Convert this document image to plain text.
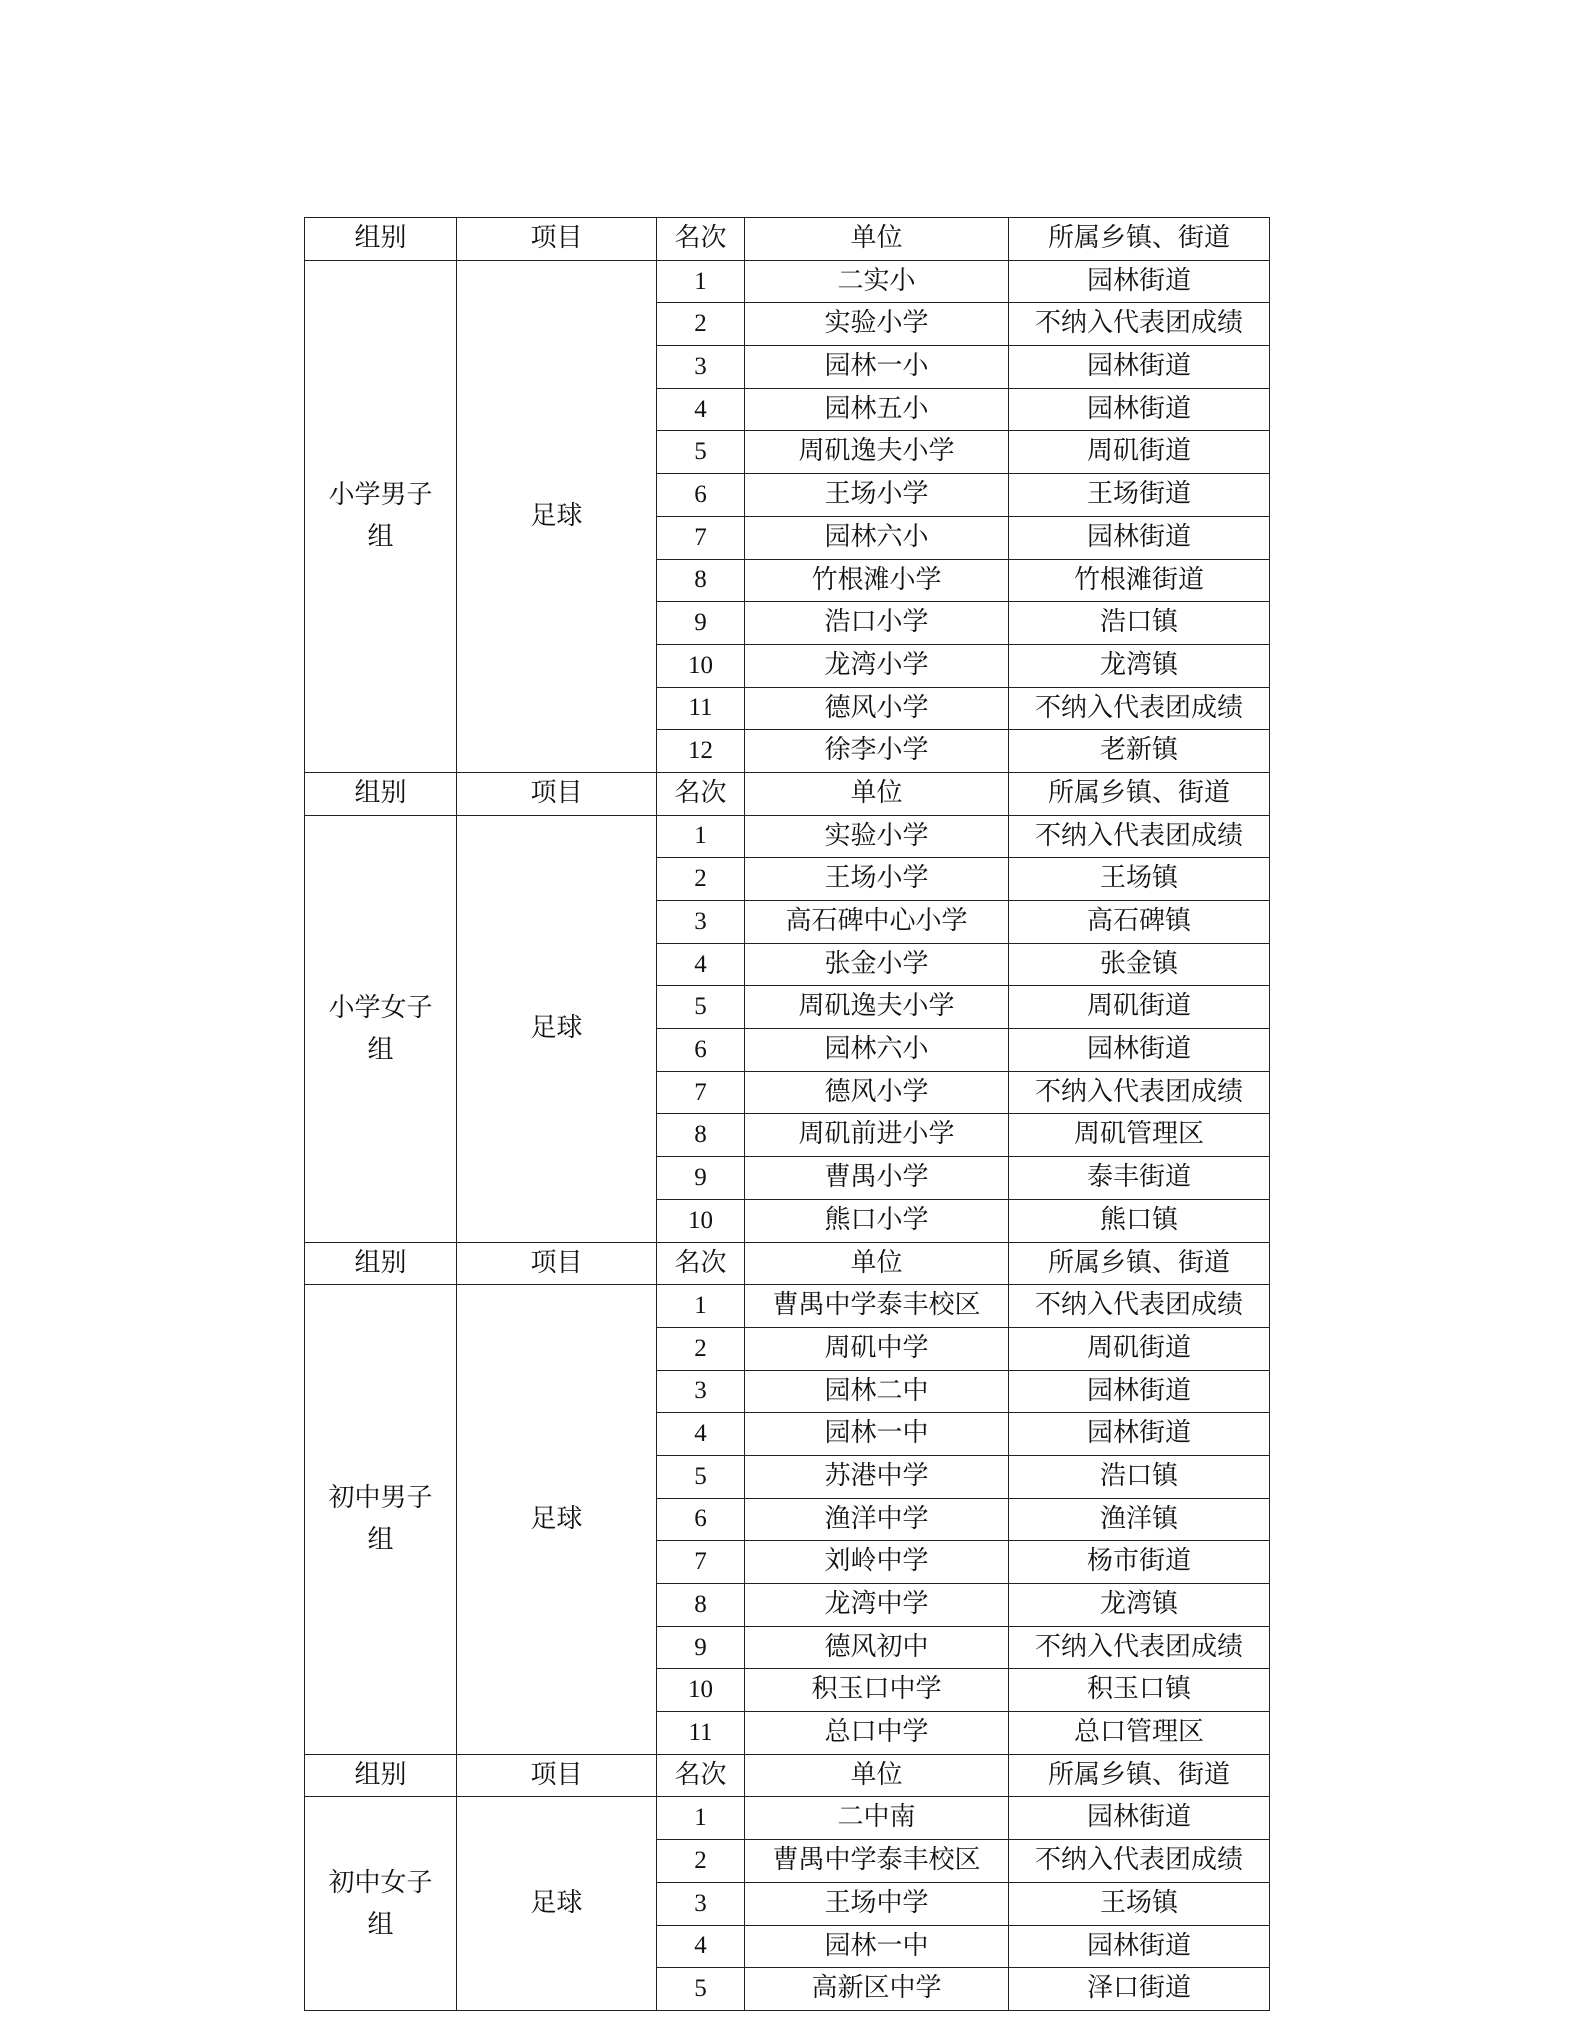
组别	项目	名次	单位	所属乡镇、街道
小学男子组	足球	1	二实小	园林街道
		2	实验小学	不纳入代表团成绩
		3	园林一小	园林街道
		4	园林五小	园林街道
		5	周矶逸夫小学	周矶街道
		6	王场小学	王场街道
		7	园林六小	园林街道
		8	竹根滩小学	竹根滩街道
		9	浩口小学	浩口镇
		10	龙湾小学	龙湾镇
		11	德风小学	不纳入代表团成绩
		12	徐李小学	老新镇
组别	项目	名次	单位	所属乡镇、街道
小学女子组	足球	1	实验小学	不纳入代表团成绩
		2	王场小学	王场镇
		3	高石碑中心小学	高石碑镇
		4	张金小学	张金镇
		5	周矶逸夫小学	周矶街道
		6	园林六小	园林街道
		7	德风小学	不纳入代表团成绩
		8	周矶前进小学	周矶管理区
		9	曹禺小学	泰丰街道
		10	熊口小学	熊口镇
组别	项目	名次	单位	所属乡镇、街道
初中男子组	足球	1	曹禺中学泰丰校区	不纳入代表团成绩
		2	周矶中学	周矶街道
		3	园林二中	园林街道
		4	园林一中	园林街道
		5	苏港中学	浩口镇
		6	渔洋中学	渔洋镇
		7	刘岭中学	杨市街道
		8	龙湾中学	龙湾镇
		9	德风初中	不纳入代表团成绩
		10	积玉口中学	积玉口镇
		11	总口中学	总口管理区
组别	项目	名次	单位	所属乡镇、街道
初中女子组	足球	1	二中南	园林街道
		2	曹禺中学泰丰校区	不纳入代表团成绩
		3	王场中学	王场镇
		4	园林一中	园林街道
		5	高新区中学	泽口街道
